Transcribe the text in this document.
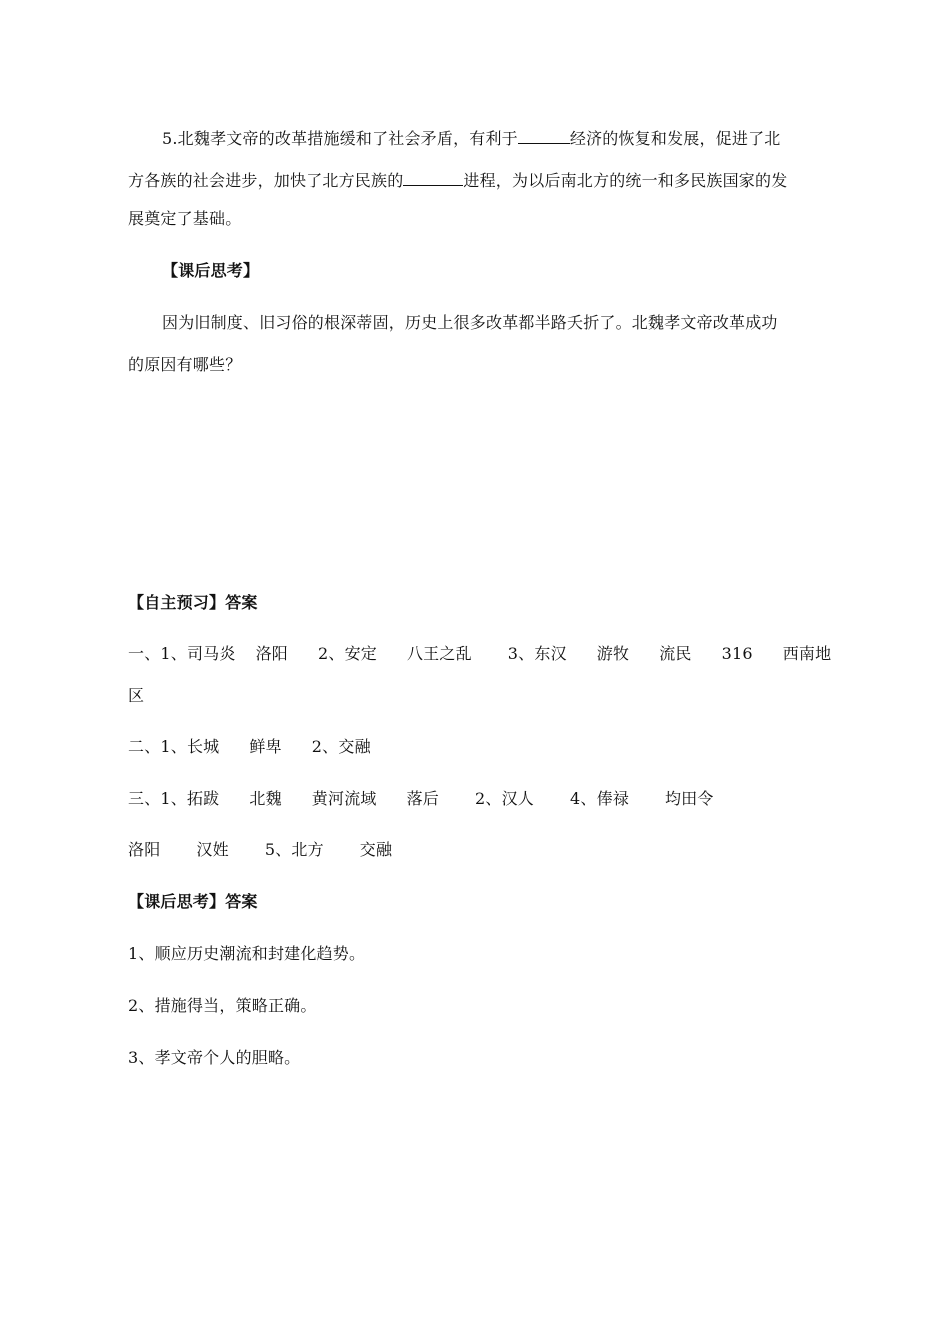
5.北魏孝文帝的改革措施缓和了社会矛盾，有利于	经济的恢复和发展，促进了北
方各族的社会进步，加快了北方民族的	进程，为以后南北方的统一和多民族国家的发
展奠定了基础。
【课后思考】
因为旧制度、旧习俗的根深蒂固，历史上很多改革都半路夭折了。北魏孝文帝改革成功
的原因有哪些？
【自主预习】答案
一、1、司马炎 洛阳 2、安定 八王之乱 3、东汉 游牧 流民 316 西南地
区
二、1、长城 鲜卑 2、交融
三、1、拓跋 北魏 黄河流域 落后 2、汉人 4、俸禄 均田令
洛阳 汉姓 5、北方 交融
【课后思考】答案
1、顺应历史潮流和封建化趋势。
2、措施得当，策略正确。
3、孝文帝个人的胆略。
